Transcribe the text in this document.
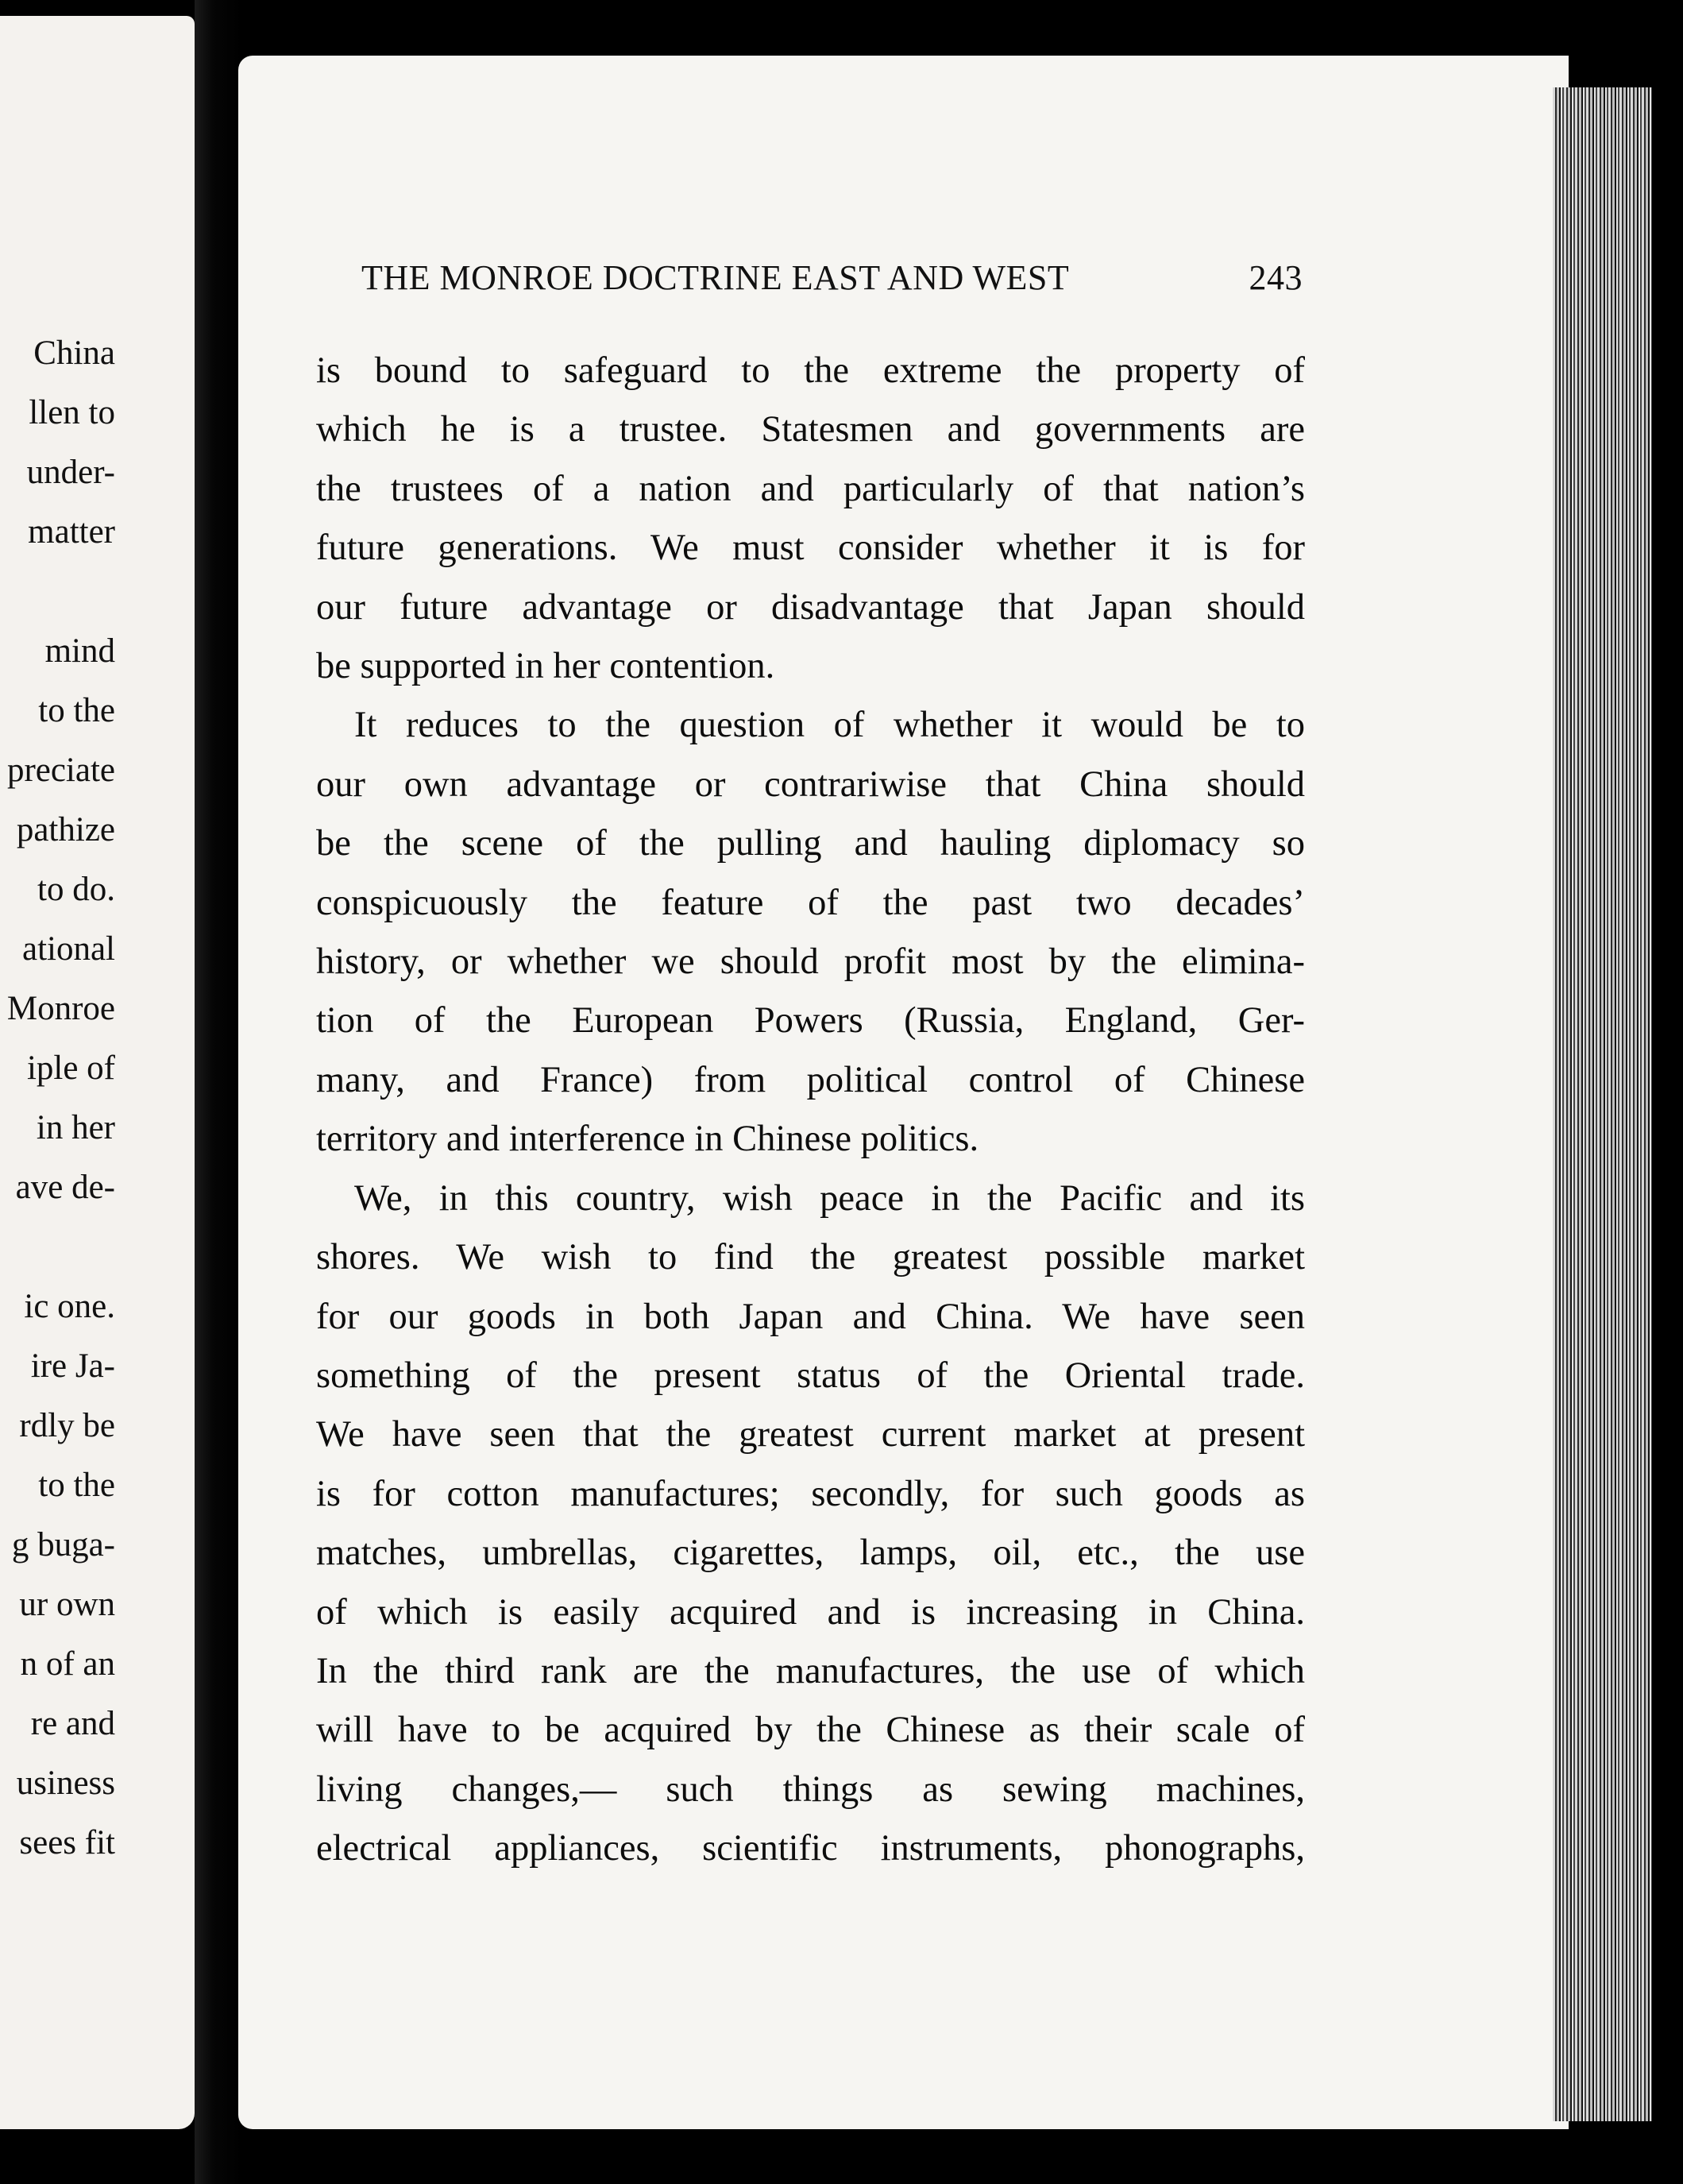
China
llen to
under-
matter
mind
to the
preciate
pathize
to do.
ational
Monroe
iple of
in her
ave de-
ic one.
ire Ja-
rdly be
to the
g buga-
ur own
n of an
re and
usiness
sees fit
THE MONROE DOCTRINE EAST AND WEST	243

is bound to safeguard to the extreme the property of
which he is a trustee. Statesmen and governments are
the trustees of a nation and particularly of that nation’s
future generations. We must consider whether it is for
our future advantage or disadvantage that Japan should
be supported in her contention.

It reduces to the question of whether it would be to
our own advantage or contrariwise that China should
be the scene of the pulling and hauling diplomacy so
conspicuously the feature of the past two decades’
history, or whether we should profit most by the elimina-
tion of the European Powers (Russia, England, Ger-
many, and France) from political control of Chinese
territory and interference in Chinese politics.

We, in this country, wish peace in the Pacific and its
shores. We wish to find the greatest possible market
for our goods in both Japan and China. We have seen
something of the present status of the Oriental trade.
We have seen that the greatest current market at present
is for cotton manufactures; secondly, for such goods as
matches, umbrellas, cigarettes, lamps, oil, etc., the use
of which is easily acquired and is increasing in China.
In the third rank are the manufactures, the use of which
will have to be acquired by the Chinese as their scale of
living changes,— such things as sewing machines,
electrical appliances, scientific instruments, phonographs,
